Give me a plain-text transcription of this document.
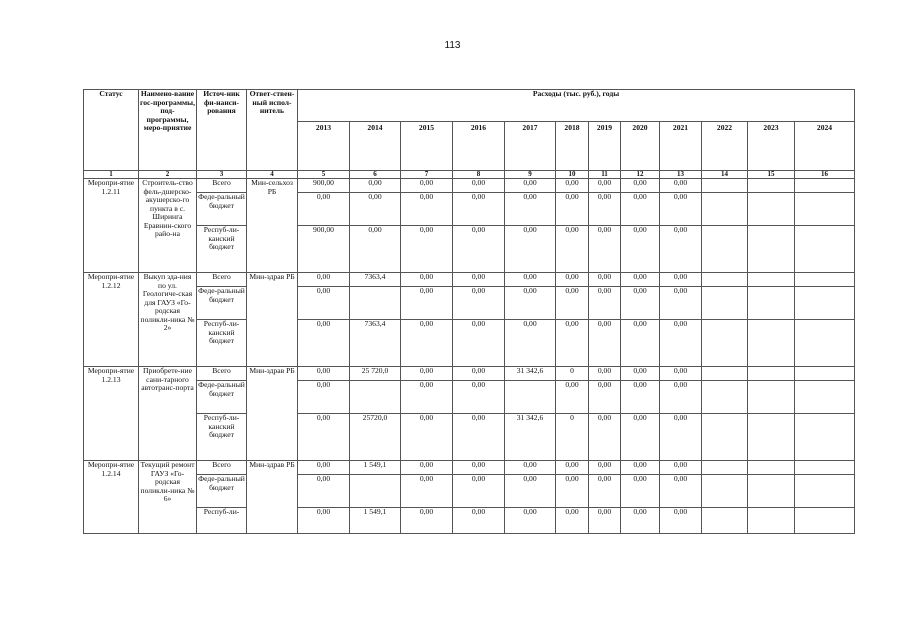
113
Статус	Наимено-вание гос-программы, под-программы, меро-приятие	Источ-ник фи-нанси-рования	Ответ-ствен-ный испол-нитель	Расходы (тыс. руб.), годы											
				2013	2014	2015	2016	2017	2018	2019	2020	2021	2022	2023	2024
1	2	3	4	5	6	7	8	9	10	11	12	13	14	15	16
Меропри-ятие 1.2.11	Строитель-ство фель-дшерско-акушерско-го пункта в с. Ширинга Еравнин-ского райо-на	Всего	Мин-сельхоз РБ	900,00	0,00	0,00	0,00	0,00	0,00	0,00	0,00	0,00			
		Феде-ральный бюджет		0,00	0,00	0,00	0,00	0,00	0,00	0,00	0,00	0,00			
		Респуб-ли-канский бюджет		900,00	0,00	0,00	0,00	0,00	0,00	0,00	0,00	0,00			
Меропри-ятие 1.2.12	Выкуп зда-ния по ул. Геологиче-ская для ГАУЗ «Го-родская поликли-ника № 2»	Всего	Мин-здрав РБ	0,00	7363,4	0,00	0,00	0,00	0,00	0,00	0,00	0,00			
		Феде-ральный бюджет		0,00		0,00	0,00	0,00	0,00	0,00	0,00	0,00			
		Респуб-ли-канский бюджет		0,00	7363,4	0,00	0,00	0,00	0,00	0,00	0,00	0,00			
Меропри-ятие 1.2.13	Приобрете-ние сани-тарного автотранс-порта	Всего	Мин-здрав РБ	0,00	25 720,0	0,00	0,00	31 342,6	0	0,00	0,00	0,00			
		Феде-ральный бюджет		0,00		0,00	0,00		0,00	0,00	0,00	0,00			
		Респуб-ли-канский бюджет		0,00	25720,0	0,00	0,00	31 342,6	0	0,00	0,00	0,00			
Меропри-ятие 1.2.14	Текущий ремонт ГАУЗ «Го-родская поликли-ника № 6»	Всего	Мин-здрав РБ	0,00	1 549,1	0,00	0,00	0,00	0,00	0,00	0,00	0,00			
		Феде-ральный бюджет		0,00		0,00	0,00	0,00	0,00	0,00	0,00	0,00			
		Респуб-ли-		0,00	1 549,1	0,00	0,00	0,00	0,00	0,00	0,00	0,00			
